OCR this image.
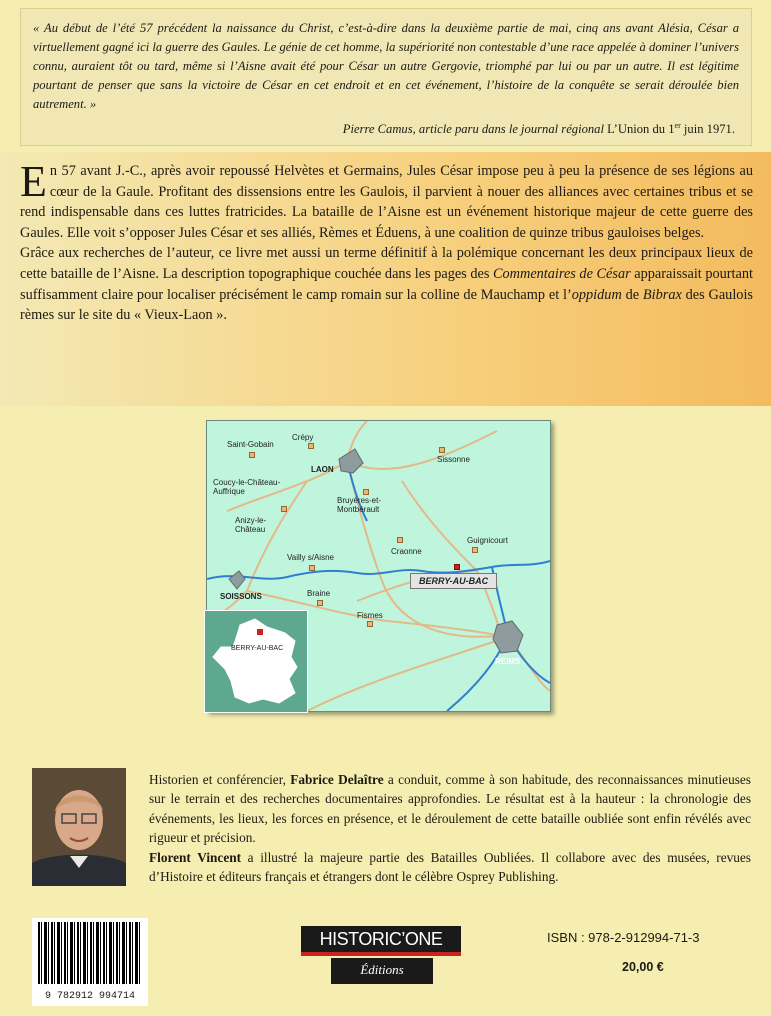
« Au début de l’été 57 précédent la naissance du Christ, c’est-à-dire dans la deuxième partie de mai, cinq ans avant Alésia, César a virtuellement gagné ici la guerre des Gaules. Le génie de cet homme, la supériorité non contestable d’une race appelée à dominer l’univers connu, auraient tôt ou tard, même si l’Aisne avait été pour César un autre Gergovie, triomphé par lui ou par un autre. Il est légitime pourtant de penser que sans la victoire de César en cet endroit et en cet événement, l’histoire de la conquête se serait déroulée bien autrement. »

Pierre Camus, article paru dans le journal régional L’Union du 1er juin 1971.

En 57 avant J.-C., après avoir repoussé Helvètes et Germains, Jules César impose peu à peu la présence de ses légions au cœur de la Gaule. Profitant des dissensions entre les Gaulois, il parvient à nouer des alliances avec certaines tribus et se rend indispensable dans ces luttes fratricides. La bataille de l’Aisne est un événement historique majeur de cette guerre des Gaules. Elle voit s’opposer Jules César et ses alliés, Rèmes et Éduens, à une coalition de quinze tribus gauloises belges.

Grâce aux recherches de l’auteur, ce livre met aussi un terme définitif à la polémique concernant les deux principaux lieux de cette bataille de l’Aisne. La description topographique couchée dans les pages des Commentaires de César apparaissait pourtant suffisamment claire pour localiser précisément le camp romain sur la colline de Mauchamp et l’oppidum de Bibrax des Gaulois rèmes sur le site du « Vieux-Laon ».

Crépy
Saint-Gobain
LAON
Sissonne
Coucy-le-Château-Auffrique
Bruyères-et-Montbérault
Anizy-le-Château
Guignicourt
Craonne
Vailly s/Aisne
SOISSONS	Braine
Fismes
REIMS
BERRY-AU-BAC
BERRY-AU-BAC

Historien et conférencier, Fabrice Delaître a conduit, comme à son habitude, des reconnaissances minutieuses sur le terrain et des recherches documentaires approfondies. Le résultat est à la hauteur : la chronologie des événements, les lieux, les forces en présence, et le déroulement de cette bataille oubliée sont enfin révélés avec rigueur et précision.

Florent Vincent a illustré la majeure partie des Batailles Oubliées. Il collabore avec des musées, revues d’Histoire et éditeurs français et étrangers dont le célèbre Osprey Publishing.

9 782912 994714
HISTORIC’ONE
Éditions
ISBN : 978-2-912994-71-3
20,00 €
